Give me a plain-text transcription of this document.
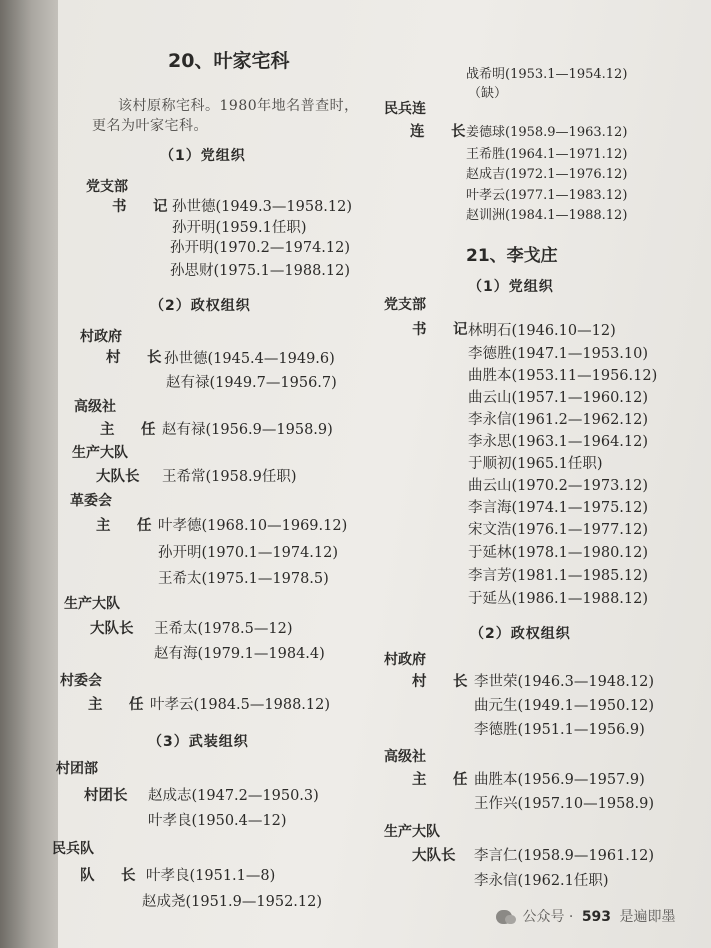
20、叶家宅科
该村原称宅科。1980年地名普查时，
更名为叶家宅科。
（1）党组织
党支部
书　记
孙世德(1949.3—1958.12)
孙开明(1959.1任职)
孙开明(1970.2—1974.12)
孙思财(1975.1—1988.12)
（2）政权组织
村政府
村　长
孙世德(1945.4—1949.6)
赵有禄(1949.7—1956.7)
高级社
主　任 赵有禄(1956.9—1958.9)
生产大队
大队长 王希常(1958.9任职)
革委会
主　任 叶孝德(1968.10—1969.12)
孙开明(1970.1—1974.12)
王希太(1975.1—1978.5)
生产大队
大队长 王希太(1978.5—12)
赵有海(1979.1—1984.4)
村委会
主　任 叶孝云(1984.5—1988.12)
（3）武装组织
村团部
村团长 赵成志(1947.2—1950.3)
叶孝良(1950.4—12)
民兵队
队　长 叶孝良(1951.1—8)
赵成尧(1951.9—1952.12)
战希明(1953.1—1954.12)
（缺）
民兵连
连　长
姜德球(1958.9—1963.12)
王希胜(1964.1—1971.12)
赵成吉(1972.1—1976.12)
叶孝云(1977.1—1983.12)
赵训洲(1984.1—1988.12)
21、李戈庄
（1）党组织
党支部
书　记
林明石(1946.10—12)
李德胜(1947.1—1953.10)
曲胜本(1953.11—1956.12)
曲云山(1957.1—1960.12)
李永信(1961.2—1962.12)
李永思(1963.1—1964.12)
于顺初(1965.1任职)
曲云山(1970.2—1973.12)
李言海(1974.1—1975.12)
宋文浩(1976.1—1977.12)
于延林(1978.1—1980.12)
李言芳(1981.1—1985.12)
于延丛(1986.1—1988.12)
（2）政权组织
村政府
村　长 李世荣(1946.3—1948.12)
曲元生(1949.1—1950.12)
李德胜(1951.1—1956.9)
高级社
主　任 曲胜本(1956.9—1957.9)
王作兴(1957.10—1958.9)
生产大队
大队长 李言仁(1958.9—1961.12)
李永信(1962.1任职)
公众号 · 593 是遍即墨
